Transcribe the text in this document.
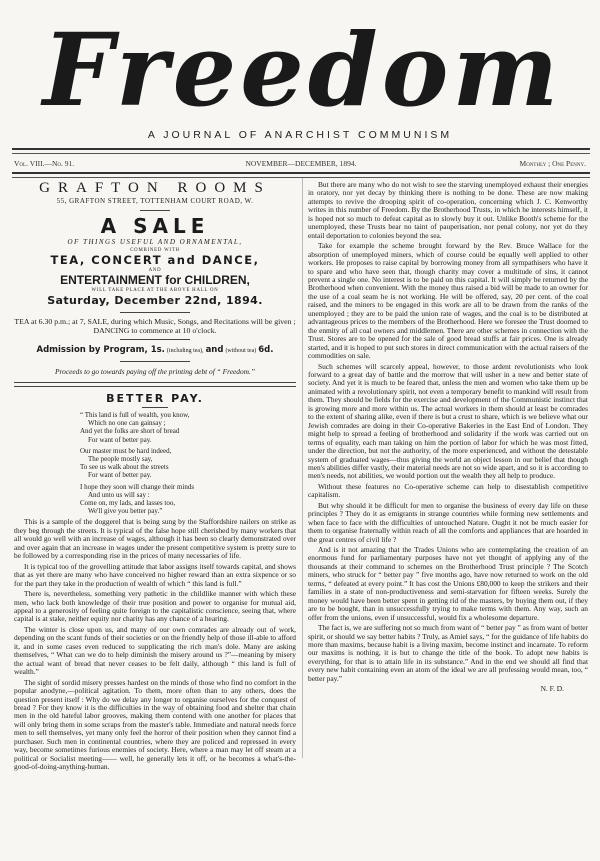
Freedom
A JOURNAL OF ANARCHIST COMMUNISM
Vol. VIII.—No. 91.	NOVEMBER—DECEMBER, 1894.	Monthly ; One Penny.
GRAFTON ROOMS
55, GRAFTON STREET, TOTTENHAM COURT ROAD, W.
A SALE
OF THINGS USEFUL AND ORNAMENTAL,
COMBINED WITH
TEA, CONCERT and DANCE,
AND
ENTERTAINMENT for CHILDREN,
WILL TAKE PLACE AT THE ABOVE HALL ON
Saturday, December 22nd, 1894.
TEA at 6.30 p.m.; at 7, SALE, during which Music, Songs, and Recitations will be given ; DANCING to commence at 10 o'clock.
Admission by Program, 1s. (including tea), and (without tea) 6d.
Proceeds to go towards paying off the printing debt of “ Freedom.”
BETTER PAY.
“ This land is full of wealth, you know,
Which no one can gainsay ;
And yet the folks are short of bread
For want of better pay.
Our master must be hard indeed,
The people mostly say,
To see us walk about the streets
For want of better pay.
I hope they soon will change their minds
And unto us will say :
Come on, my lads, and lasses too,
We'll give you better pay.”

This is a sample of the doggerel that is being sung by the Staffordshire nailers on strike as they beg through the streets. It is typical of the false hope still cherished by many workers that all would go well with an increase of wages, although it has been so clearly demonstrated over and over again that an increase in wages under the present competitive system is pretty sure to be followed by a corresponding rise in the prices of many necessaries of life.

It is typical too of the grovelling attitude that labor assigns itself towards capital, and shows that as yet there are many who have conceived no higher reward than an extra sixpence or so for the part they take in the production of wealth of which “ this land is full.”

There is, nevertheless, something very pathetic in the childlike manner with which these men, who lack both knowledge of their true position and power to organise for mutual aid, appeal to a generosity of feeling quite foreign to the capitalistic conscience, seeing that, where capital is at stake, neither equity nor charity has any chance of a hearing.

The winter is close upon us, and many of our own comrades are already out of work, depending on the scant funds of their societies or on the friendly help of those ill-able to afford it, and in some cases even reduced to supplicating the rich man's dole. Many are asking themselves, “ What can we do to help diminish the misery around us ?”—meaning by misery the actual want of bread that never ceases to be felt daily, although “ this land is full of wealth.”

The sight of sordid misery presses hardest on the minds of those who find no comfort in the popular anodyne,—political agitation. To them, more often than to any others, does the question present itself : Why do we delay any longer to organise ourselves for the conquest of bread ? For they know it is the difficulties in the way of obtaining food and shelter that chain men in the old hateful labor grooves, making them contend with one another for places that will only bring them in some scraps from the master's table. Immediate and natural needs force men to sell themselves, yet many only feel the horror of their position when they cannot find a purchaser. Such men in continental countries, where they are policed and repressed in every way, become sometimes furious enemies of society. Here, where a man may let off steam at a political or Socialist meeting—— well, he generally lets it off, or he becomes a what's-the-good-of-doing-anything-human.

But there are many who do not wish to see the starving unemployed exhaust their energies in oratory, nor yet decay by thinking there is nothing to be done. These are now making attempts to revive the drooping spirit of co-operation, concerning which J. C. Kenworthy writes in this number of Freedom. By the Brotherhood Trusts, in which he interests himself, it is hoped not so much to defeat capital as to slowly buy it out. Unlike Booth's scheme for the unemployed, these Trusts bear no taint of pauperisation, nor penal colony, nor yet do they entail deportation to colonies beyond the sea.

Take for example the scheme brought forward by the Rev. Bruce Wallace for the absorption of unemployed miners, which of course could be equally well applied to other workers. He proposes to raise capital by borrowing money from all sympathisers who have it to spare and who have seen that, though charity may cover a multitude of sins, it cannot prevent a single one. No interest is to be paid on this capital. It will simply be returned by the Brotherhood when convenient. With the money thus raised a bid will be made to an owner for the use of a coal seam he is not working. He will be offered, say, 20 per cent. of the coal raised, and the miners to be engaged in this work are all to be drawn from the ranks of the unemployed ; they are to be paid the union rate of wages, and the coal is to be distributed at advantageous prices to the members of the Brotherhood. Here we foresee the Trust doomed to the enmity of all coal owners and middlemen. There are other schemes in connection with the Trust. Stores are to be opened for the sale of good bread stuffs at fair prices. One is already started, and it is hoped to put such stores in direct communication with the actual raisers of the commodities on sale.

Such schemes will scarcely appeal, however, to those ardent revolutionists who look forward to a great day of battle and the morrow that will usher in a new and better state of society. And yet it is much to be feared that, unless the men and women who take them up be animated with a revolutionary spirit, not even a temporary benefit to mankind will result from them. They should be fields for the exercise and development of the Communistic instinct that is growing more and more within us. The actual workers in them should at least be comrades to the extent of sharing alike, even if there is but a crust to share, which is we believe what our Jewish comrades are doing in their Co-operative Bakeries in the East End of London. They might help to spread a feeling of brotherhood and solidarity if the work was carried out on terms of equality, each man taking on him the portion of labor for which he was most fitted, under the direction, but not the authority, of the more experienced, and without the detestable system of graduated wages—thus giving the world an object lesson in our belief that though men's abilities differ vastly, their material needs are not so wide apart, and so it is according to men's needs, not abilities, we would portion out the wealth they all help to produce.

Without these features no Co-operative scheme can help to disestablish competitive capitalism.

But why should it be difficult for men to organise the business of every day life on these principles ? They do it as emigrants in strange countries while forming new settlements and when face to face with the difficulties of untouched Nature. Ought it not be much easier for them to organise fraternally within reach of all the comforts and appliances that are hoarded in the great centres of civil life ?

And is it not amazing that the Trades Unions who are contemplating the creation of an enormous fund for parliamentary purposes have not yet thought of applying any of the thousands at their command to schemes on the Brotherhood Trust principle ? The Scotch miners, who struck for “ better pay ” five months ago, have now returned to work on the old terms, “ defeated at every point.” It has cost the Unions £80,000 to keep the strikers and their families in a state of non-productiveness and semi-starvation for fifteen weeks. Surely the money would have been better spent in getting rid of the masters, by buying them out, if they are to be bought, than in unsuccessfully trying to make terms with them. Any way, such an offer from the unions, even if unsuccessful, would fix a wholesome departure.

The fact is, we are suffering not so much from want of “ better pay ” as from want of better spirit, or should we say better habits ? Truly, as Amiel says, “ for the guidance of life habits do more than maxims, because habit is a living maxim, become instinct and incarnate. To reform our maxims is nothing, it is but to change the title of the book. To adopt new habits is everything, for that is to attain life in its substance.” And in the end we should all find that every new habit containing even an atom of the ideal we are all professing would mean, too, “ better pay.”

N. F. D.
